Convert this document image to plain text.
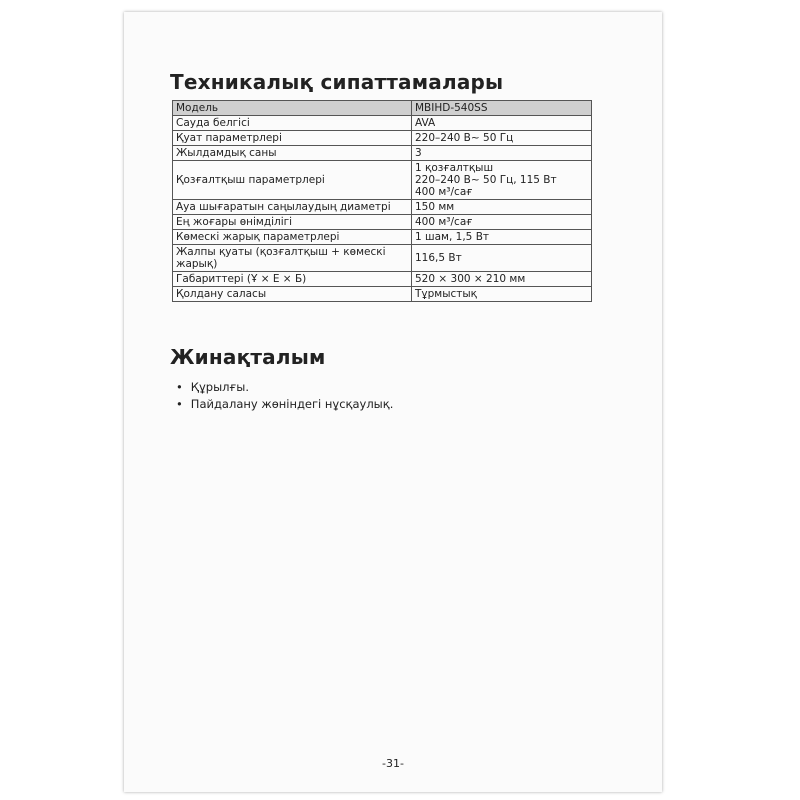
Техникалық сипаттамалары
Модель	MBIHD-540SS

Сауда белгісі	AVA

Қуат параметрлері	220–240 В~ 50 Гц

Жылдамдық саны	3

Қозғалтқыш параметрлері	1 қозғалтқыш
220–240 В~ 50 Гц, 115 Вт
400 м³/сағ

Ауа шығаратын саңылаудың диаметрі	150 мм

Ең жоғары өнімділігі	400 м³/сағ

Көмескі жарық параметрлері	1 шам, 1,5 Вт

Жалпы қуаты (қозғалтқыш + көмескі жарық)	116,5 Вт

Габариттері (Ұ × Е × Б)	520 × 300 × 210 мм

Қолдану саласы	Тұрмыстық
Жинақталым
• Құрылғы.
• Пайдалану жөніндегі нұсқаулық.
-31-
